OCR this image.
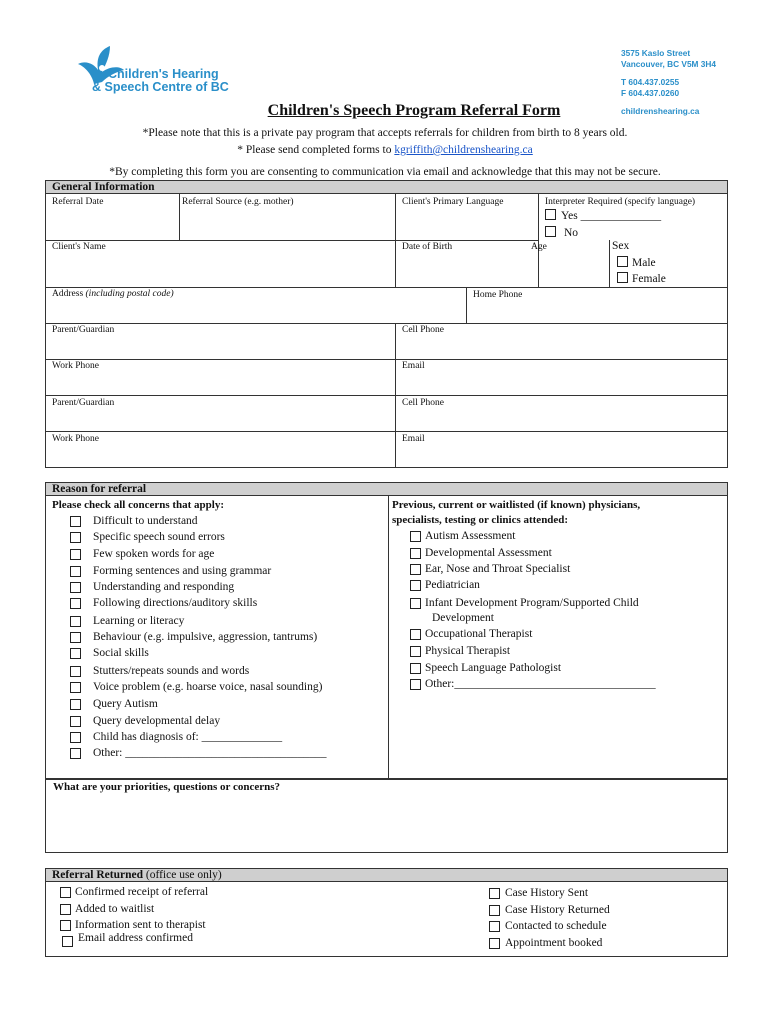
Children's Hearing
& Speech Centre of BC
3575 Kaslo Street
Vancouver, BC V5M 3H4
T 604.437.0255
F 604.437.0260
childrenshearing.ca
Children's Speech Program Referral Form
*Please note that this is a private pay program that accepts referrals for children from birth to 8 years old.
* Please send completed forms to kgriffith@childrenshearing.ca
*By completing this form you are consenting to communication via email and acknowledge that this may not be secure.
General Information
Referral Date	Referral Source (e.g. mother)	Client's Primary Language	Interpreter Required (specify language)
Yes ______________
No
Client's Name	Date of Birth	Age	Sex
Male
Female
Address (including postal code)	Home Phone
Parent/Guardian	Cell Phone
Work Phone	Email
Parent/Guardian	Cell Phone
Work Phone	Email
Reason for referral
Please check all concerns that apply:
Difficult to understand
Specific speech sound errors
Few spoken words for age
Forming sentences and using grammar
Understanding and responding
Following directions/auditory skills
Learning or literacy
Behaviour (e.g. impulsive, aggression, tantrums)
Social skills
Stutters/repeats sounds and words
Voice problem (e.g. hoarse voice, nasal sounding)
Query Autism
Query developmental delay
Child has diagnosis of: ______________
Other: ___________________________________
Previous, current or waitlisted (if known) physicians,
specialists, testing or clinics attended:
Autism Assessment
Developmental Assessment
Ear, Nose and Throat Specialist
Pediatrician
Infant Development Program/Supported Child
Occupational Therapist
Physical Therapist
Speech Language Pathologist
Other:___________________________________
Development
What are your priorities, questions or concerns?
Referral Returned (office use only)
Confirmed receipt of referral
Added to waitlist
Information sent to therapist
Email address confirmed
Case History Sent
Case History Returned
Contacted to schedule
Appointment booked
